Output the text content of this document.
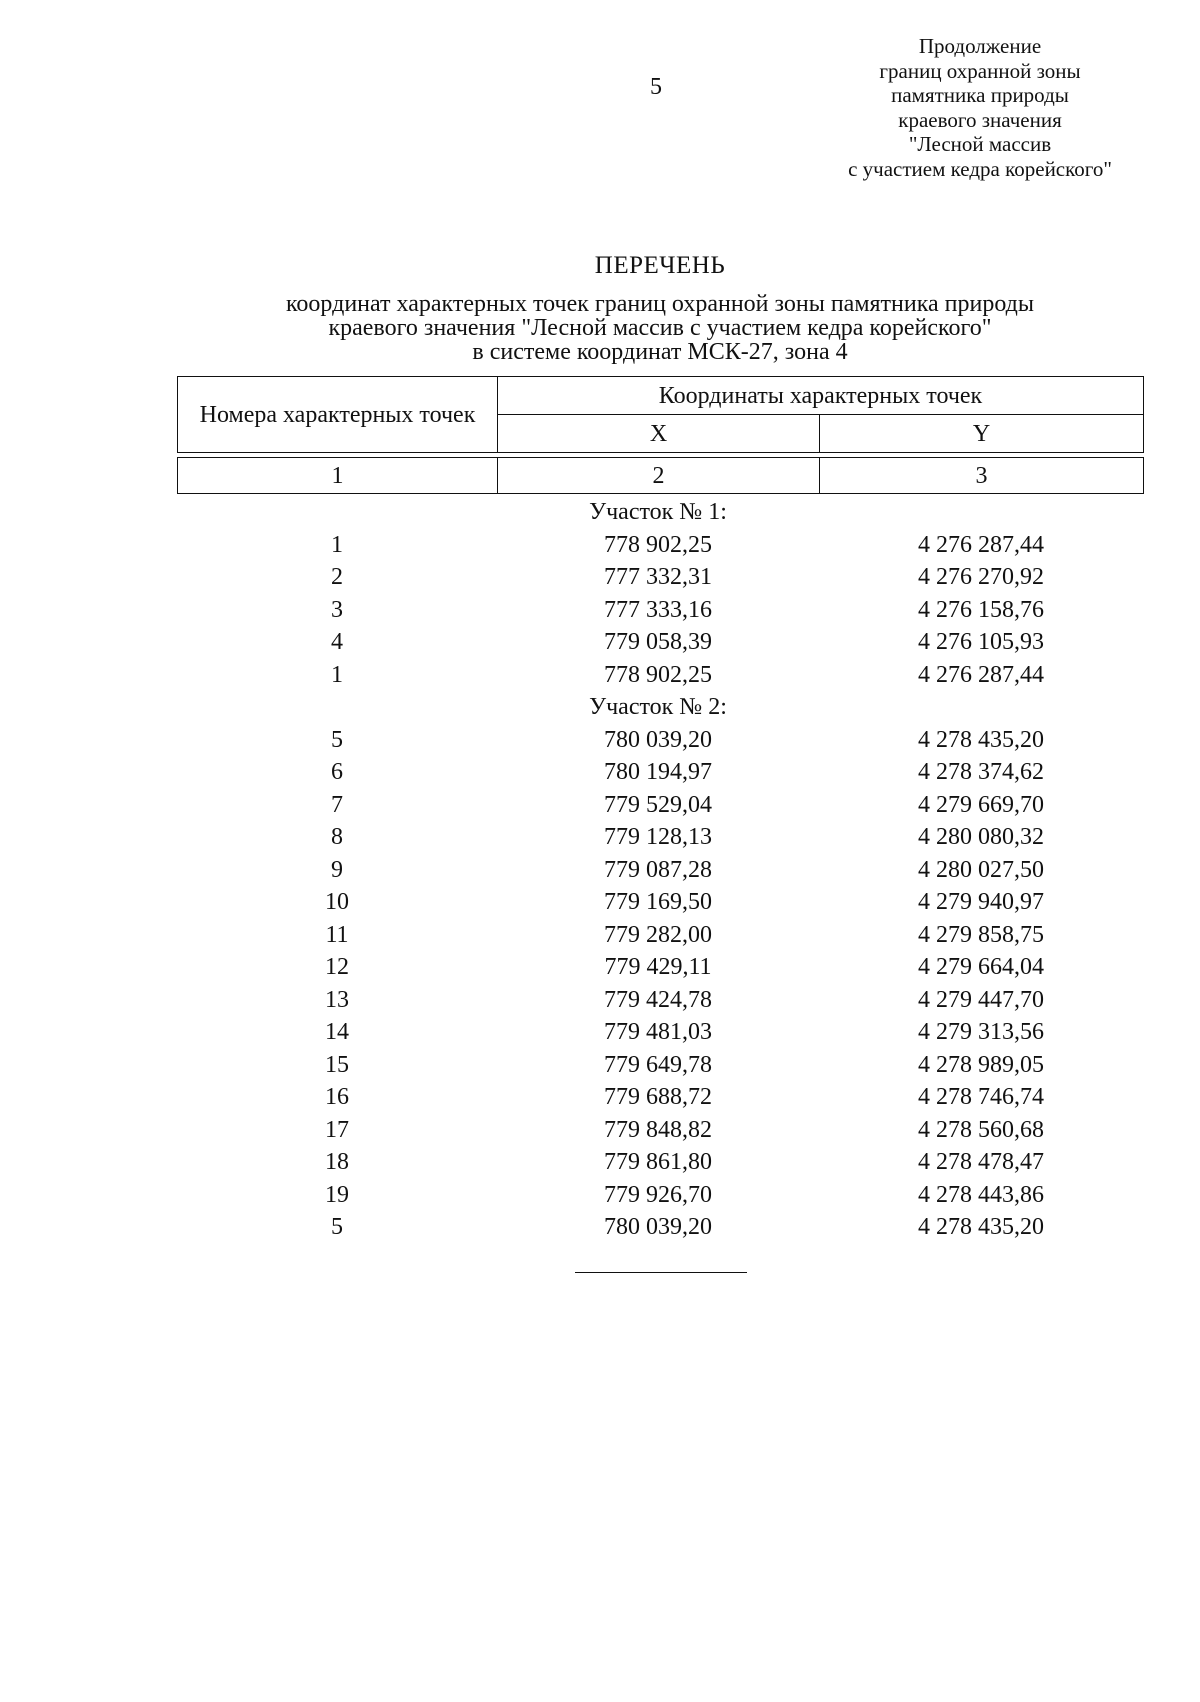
5
Продолжение
границ охранной зоны
памятника природы
краевого значения
"Лесной массив
с участием кедра корейского"
ПЕРЕЧЕНЬ
координат характерных точек границ охранной зоны памятника природы
краевого значения "Лесной массив с участием кедра корейского"
в системе координат МСК-27, зона 4
Номера характерных точек	Координаты характерных точек	
	X	Y

1	2	3
Участок № 1:
1	778 902,25	4 276 287,44
2	777 332,31	4 276 270,92
3	777 333,16	4 276 158,76
4	779 058,39	4 276 105,93
1	778 902,25	4 276 287,44
Участок № 2:
5	780 039,20	4 278 435,20
6	780 194,97	4 278 374,62
7	779 529,04	4 279 669,70
8	779 128,13	4 280 080,32
9	779 087,28	4 280 027,50
10	779 169,50	4 279 940,97
11	779 282,00	4 279 858,75
12	779 429,11	4 279 664,04
13	779 424,78	4 279 447,70
14	779 481,03	4 279 313,56
15	779 649,78	4 278 989,05
16	779 688,72	4 278 746,74
17	779 848,82	4 278 560,68
18	779 861,80	4 278 478,47
19	779 926,70	4 278 443,86
5	780 039,20	4 278 435,20
